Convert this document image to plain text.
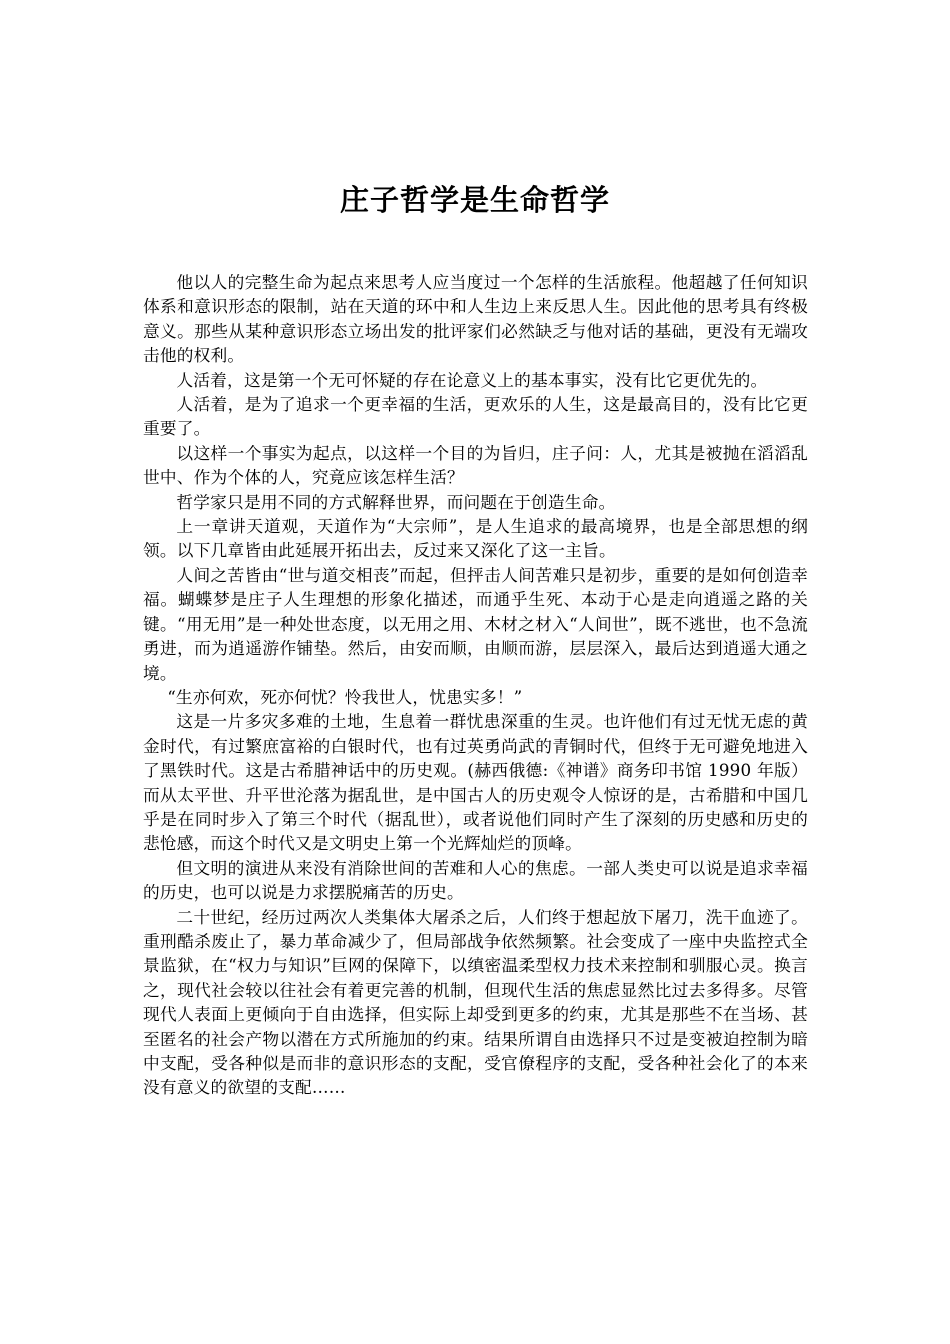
庄子哲学是生命哲学

他以人的完整生命为起点来思考人应当度过一个怎样的生活旅程。他超越了任何知识体系和意识形态的限制，站在天道的环中和人生边上来反思人生。因此他的思考具有终极意义。那些从某种意识形态立场出发的批评家们必然缺乏与他对话的基础，更没有无端攻击他的权利。

人活着，这是第一个无可怀疑的存在论意义上的基本事实，没有比它更优先的。

人活着，是为了追求一个更幸福的生活，更欢乐的人生，这是最高目的，没有比它更重要了。

以这样一个事实为起点，以这样一个目的为旨归，庄子问：人，尤其是被抛在滔滔乱世中、作为个体的人，究竟应该怎样生活？

哲学家只是用不同的方式解释世界，而问题在于创造生命。

上一章讲天道观，天道作为“大宗师”，是人生追求的最高境界，也是全部思想的纲领。以下几章皆由此延展开拓出去，反过来又深化了这一主旨。

人间之苦皆由“世与道交相丧”而起，但抨击人间苦难只是初步，重要的是如何创造幸福。蝴蝶梦是庄子人生理想的形象化描述，而通乎生死、本动于心是走向逍遥之路的关键。“用无用”是一种处世态度，以无用之用、木材之材入“人间世”，既不逃世，也不急流勇进，而为逍遥游作铺垫。然后，由安而顺，由顺而游，层层深入，最后达到逍遥大通之境。

“生亦何欢，死亦何忧？怜我世人，忧患实多！”

这是一片多灾多难的土地，生息着一群忧患深重的生灵。也许他们有过无忧无虑的黄金时代，有过繁庶富裕的白银时代，也有过英勇尚武的青铜时代，但终于无可避免地进入了黑铁时代。这是古希腊神话中的历史观。(赫西俄德:《神谱》商务印书馆 1990 年版）而从太平世、升平世沦落为据乱世，是中国古人的历史观令人惊讶的是，古希腊和中国几乎是在同时步入了第三个时代（据乱世），或者说他们同时产生了深刻的历史感和历史的悲怆感，而这个时代又是文明史上第一个光辉灿烂的顶峰。

但文明的演进从来没有消除世间的苦难和人心的焦虑。一部人类史可以说是追求幸福的历史，也可以说是力求摆脱痛苦的历史。

二十世纪，经历过两次人类集体大屠杀之后，人们终于想起放下屠刀，洗干血迹了。重刑酷杀废止了，暴力革命减少了，但局部战争依然频繁。社会变成了一座中央监控式全景监狱，在“权力与知识”巨网的保障下，以缜密温柔型权力技术来控制和驯服心灵。换言之，现代社会较以往社会有着更完善的机制，但现代生活的焦虑显然比过去多得多。尽管现代人表面上更倾向于自由选择，但实际上却受到更多的约束，尤其是那些不在当场、甚至匿名的社会产物以潜在方式所施加的约束。结果所谓自由选择只不过是变被迫控制为暗中支配，受各种似是而非的意识形态的支配，受官僚程序的支配，受各种社会化了的本来没有意义的欲望的支配……
